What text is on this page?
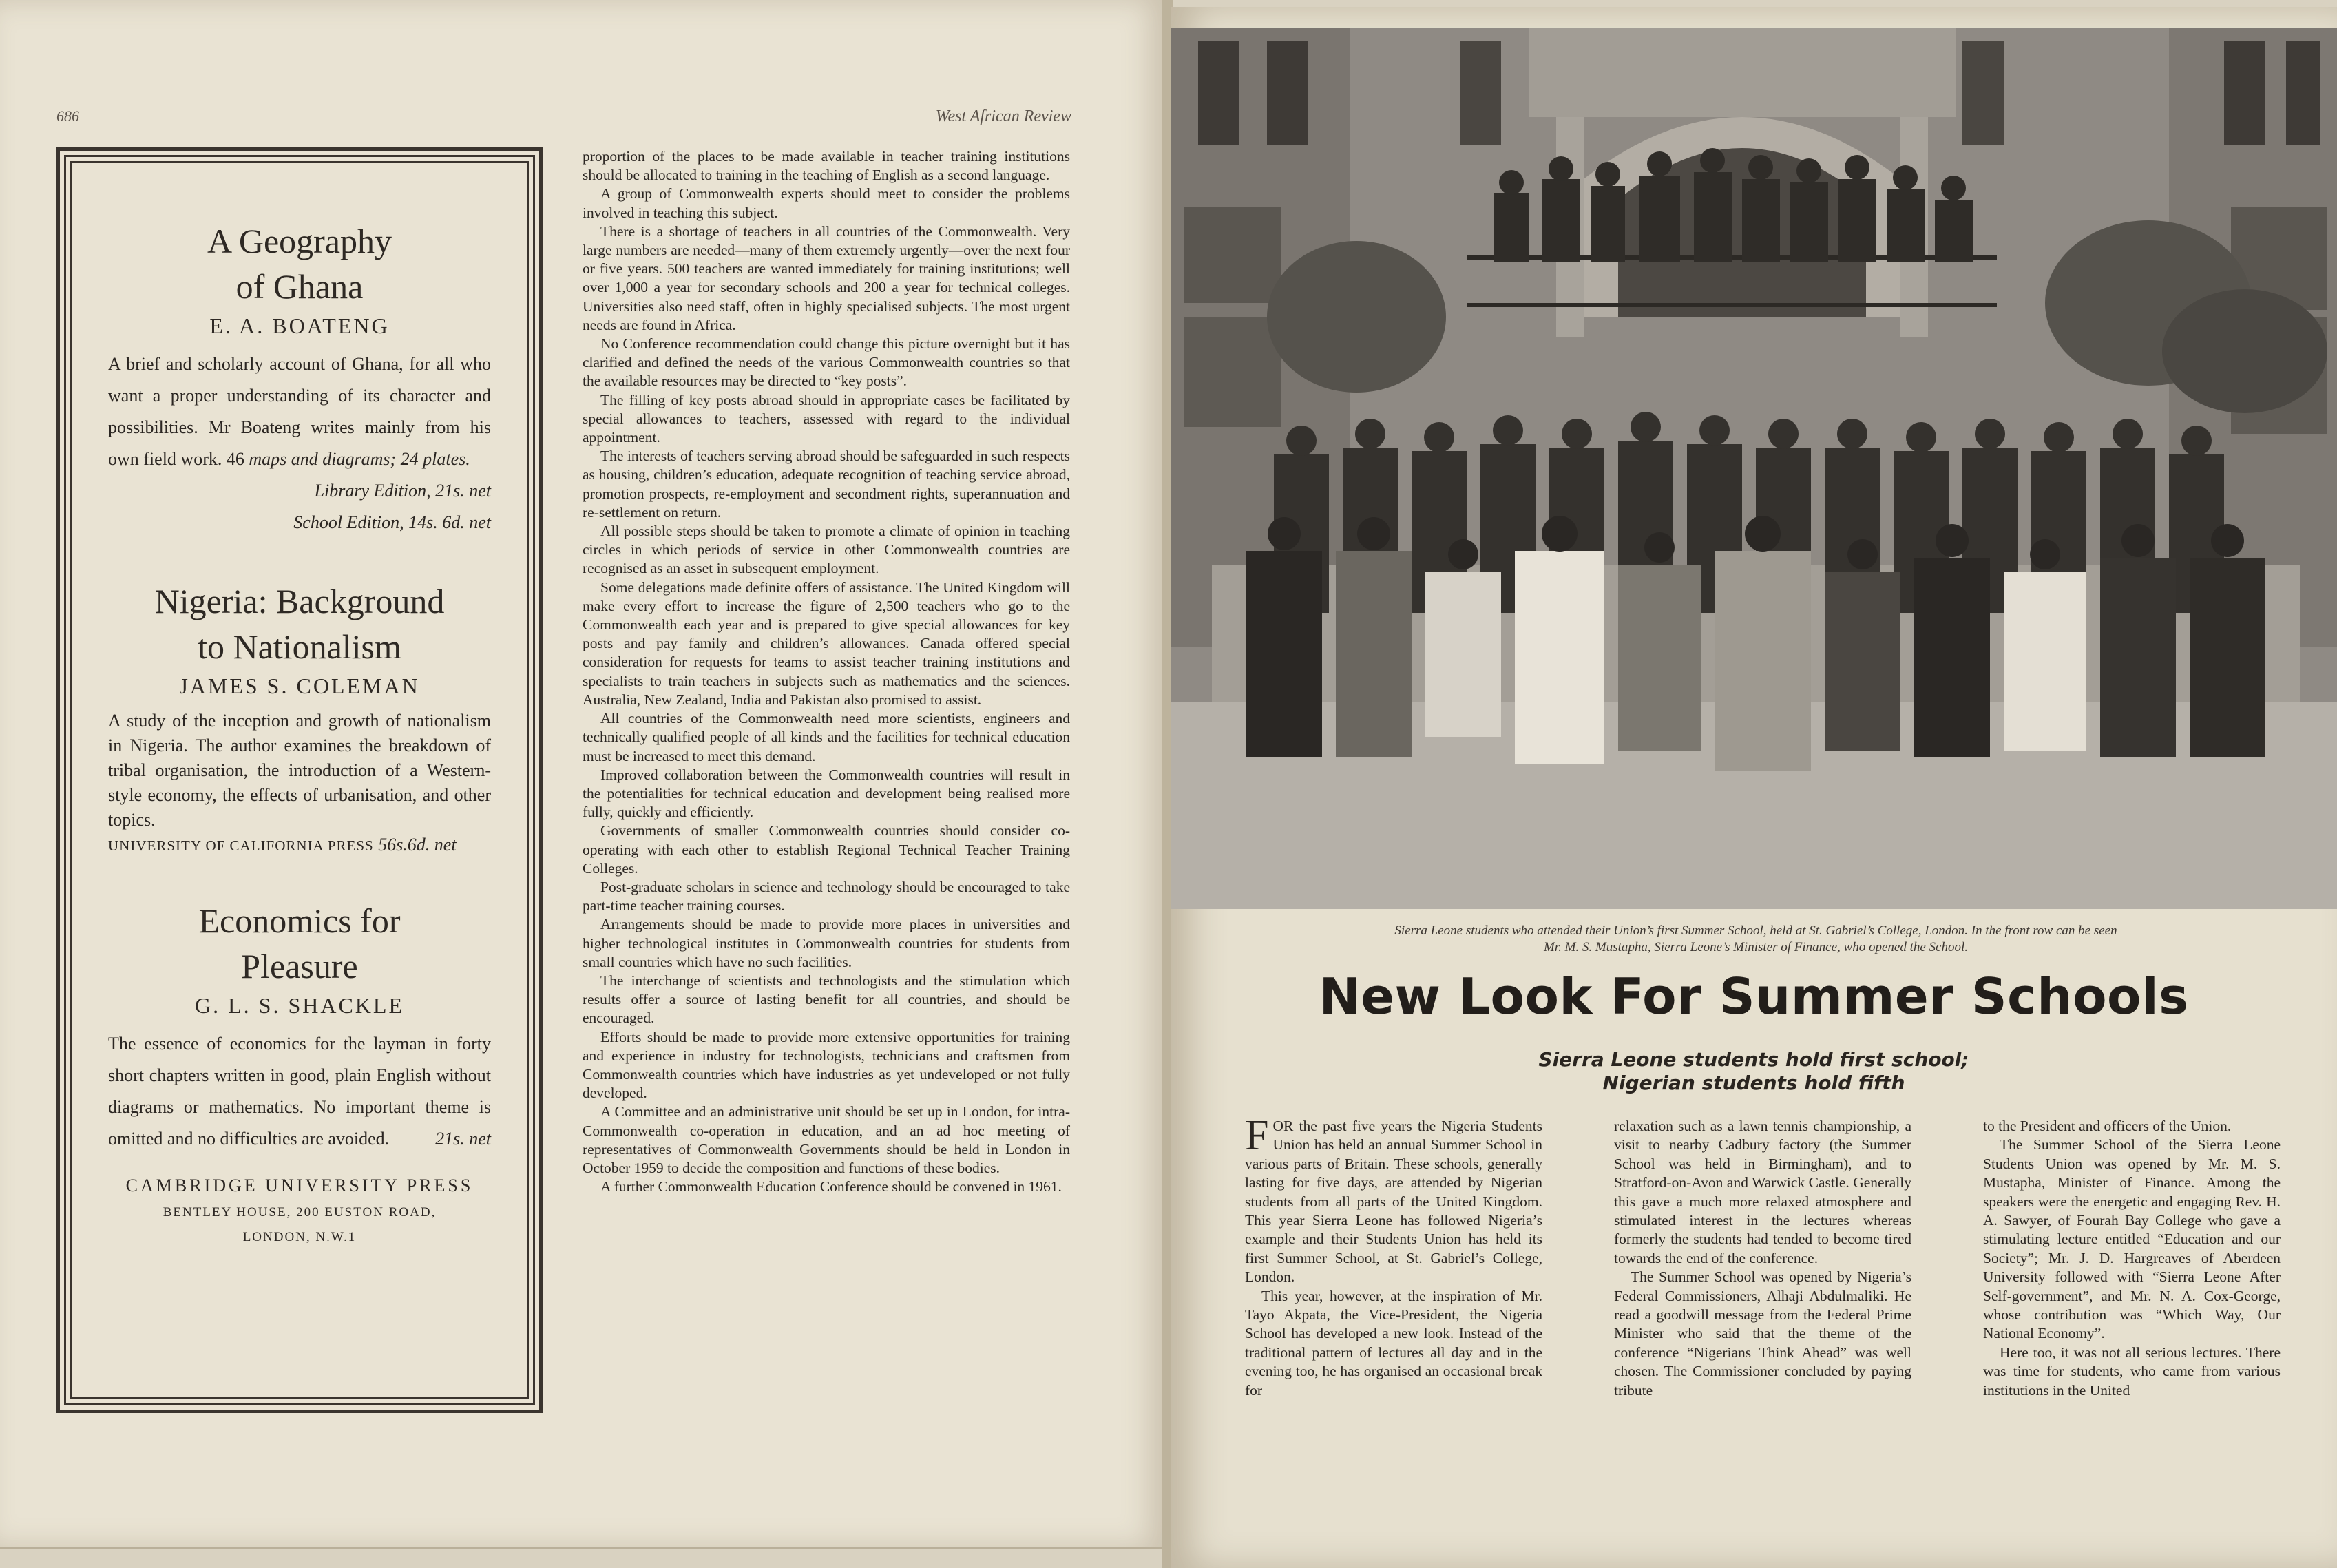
686	West African Review
A Geography
of Ghana
E. A. BOATENG
A brief and scholarly account of Ghana, for all who want a proper understanding of its character and possibilities. Mr Boateng writes mainly from his own field work. 46 maps and diagrams; 24 plates.
Library Edition, 21s. net
School Edition, 14s. 6d. net
Nigeria: Background
to Nationalism
JAMES S. COLEMAN
A study of the inception and growth of nationalism in Nigeria. The author examines the breakdown of tribal organisation, the introduction of a Western-style economy, the effects of urbanisation, and other topics.
UNIVERSITY OF CALIFORNIA PRESS 56s.6d. net
Economics for
Pleasure
G. L. S. SHACKLE
The essence of economics for the layman in forty short chapters written in good, plain English without diagrams or mathematics. No important theme is omitted and no difficulties are avoided.	21s. net
CAMBRIDGE UNIVERSITY PRESS
BENTLEY HOUSE, 200 EUSTON ROAD,
LONDON, N.W.1

proportion of the places to be made available in teacher training institutions should be allocated to training in the teaching of English as a second language.

A group of Commonwealth experts should meet to consider the problems involved in teaching this subject.

There is a shortage of teachers in all countries of the Commonwealth. Very large numbers are needed—many of them extremely urgently—over the next four or five years. 500 teachers are wanted immediately for training institutions; well over 1,000 a year for secondary schools and 200 a year for technical colleges. Universities also need staff, often in highly specialised subjects. The most urgent needs are found in Africa.

No Conference recommendation could change this picture overnight but it has clarified and defined the needs of the various Commonwealth countries so that the available resources may be directed to “key posts”.

The filling of key posts abroad should in appropriate cases be facilitated by special allowances to teachers, assessed with regard to the individual appointment.

The interests of teachers serving abroad should be safeguarded in such respects as housing, children’s education, adequate recognition of teaching service abroad, promotion prospects, re-employment and secondment rights, superannuation and re-settlement on return.

All possible steps should be taken to promote a climate of opinion in teaching circles in which periods of service in other Commonwealth countries are recognised as an asset in subsequent employment.

Some delegations made definite offers of assistance. The United Kingdom will make every effort to increase the figure of 2,500 teachers who go to the Commonwealth each year and is prepared to give special allowances for key posts and pay family and children’s allowances. Canada offered special consideration for requests for teams to assist teacher training institutions and specialists to train teachers in subjects such as mathematics and the sciences. Australia, New Zealand, India and Pakistan also promised to assist.

All countries of the Commonwealth need more scientists, engineers and technically qualified people of all kinds and the facilities for technical education must be increased to meet this demand.

Improved collaboration between the Commonwealth countries will result in the potentialities for technical education and development being realised more fully, quickly and efficiently.

Governments of smaller Commonwealth countries should consider co-operating with each other to establish Regional Technical Teacher Training Colleges.

Post-graduate scholars in science and technology should be encouraged to take part-time teacher training courses.

Arrangements should be made to provide more places in universities and higher technological institutes in Commonwealth countries for students from small countries which have no such facilities.

The interchange of scientists and technologists and the stimulation which results offer a source of lasting benefit for all countries, and should be encouraged.

Efforts should be made to provide more extensive opportunities for training and experience in industry for technologists, technicians and craftsmen from Commonwealth countries which have industries as yet undeveloped or not fully developed.

A Committee and an administrative unit should be set up in London, for intra-Commonwealth co-operation in education, and an ad hoc meeting of representatives of Commonwealth Governments should be held in London in October 1959 to decide the composition and functions of these bodies.

A further Commonwealth Education Conference should be convened in 1961.

Sierra Leone students who attended their Union’s first Summer School, held at St. Gabriel’s College, London. In the front row can be seen
Mr. M. S. Mustapha, Sierra Leone’s Minister of Finance, who opened the School.
New Look For Summer Schools
Sierra Leone students hold first school;
Nigerian students hold fifth

FOR the past five years the Nigeria Students Union has held an annual Summer School in various parts of Britain. These schools, generally lasting for five days, are attended by Nigerian students from all parts of the United Kingdom. This year Sierra Leone has followed Nigeria’s example and their Students Union has held its first Summer School, at St. Gabriel’s College, London.

This year, however, at the inspiration of Mr. Tayo Akpata, the Vice-President, the Nigeria School has developed a new look. Instead of the traditional pattern of lectures all day and in the evening too, he has organised an occasional break for

relaxation such as a lawn tennis championship, a visit to nearby Cadbury factory (the Summer School was held in Birmingham), and to Stratford-on-Avon and Warwick Castle. Generally this gave a much more relaxed atmosphere and stimulated interest in the lectures whereas formerly the students had tended to become tired towards the end of the conference.

The Summer School was opened by Nigeria’s Federal Commissioners, Alhaji Abdulmaliki. He read a goodwill message from the Federal Prime Minister who said that the theme of the conference “Nigerians Think Ahead” was well chosen. The Commissioner concluded by paying tribute

to the President and officers of the Union.

The Summer School of the Sierra Leone Students Union was opened by Mr. M. S. Mustapha, Minister of Finance. Among the speakers were the energetic and engaging Rev. H. A. Sawyer, of Fourah Bay College who gave a stimulating lecture entitled “Education and our Society”; Mr. J. D. Hargreaves of Aberdeen University followed with “Sierra Leone After Self-government”, and Mr. N. A. Cox-George, whose contribution was “Which Way, Our National Economy”.

Here too, it was not all serious lectures. There was time for students, who came from various institutions in the United
